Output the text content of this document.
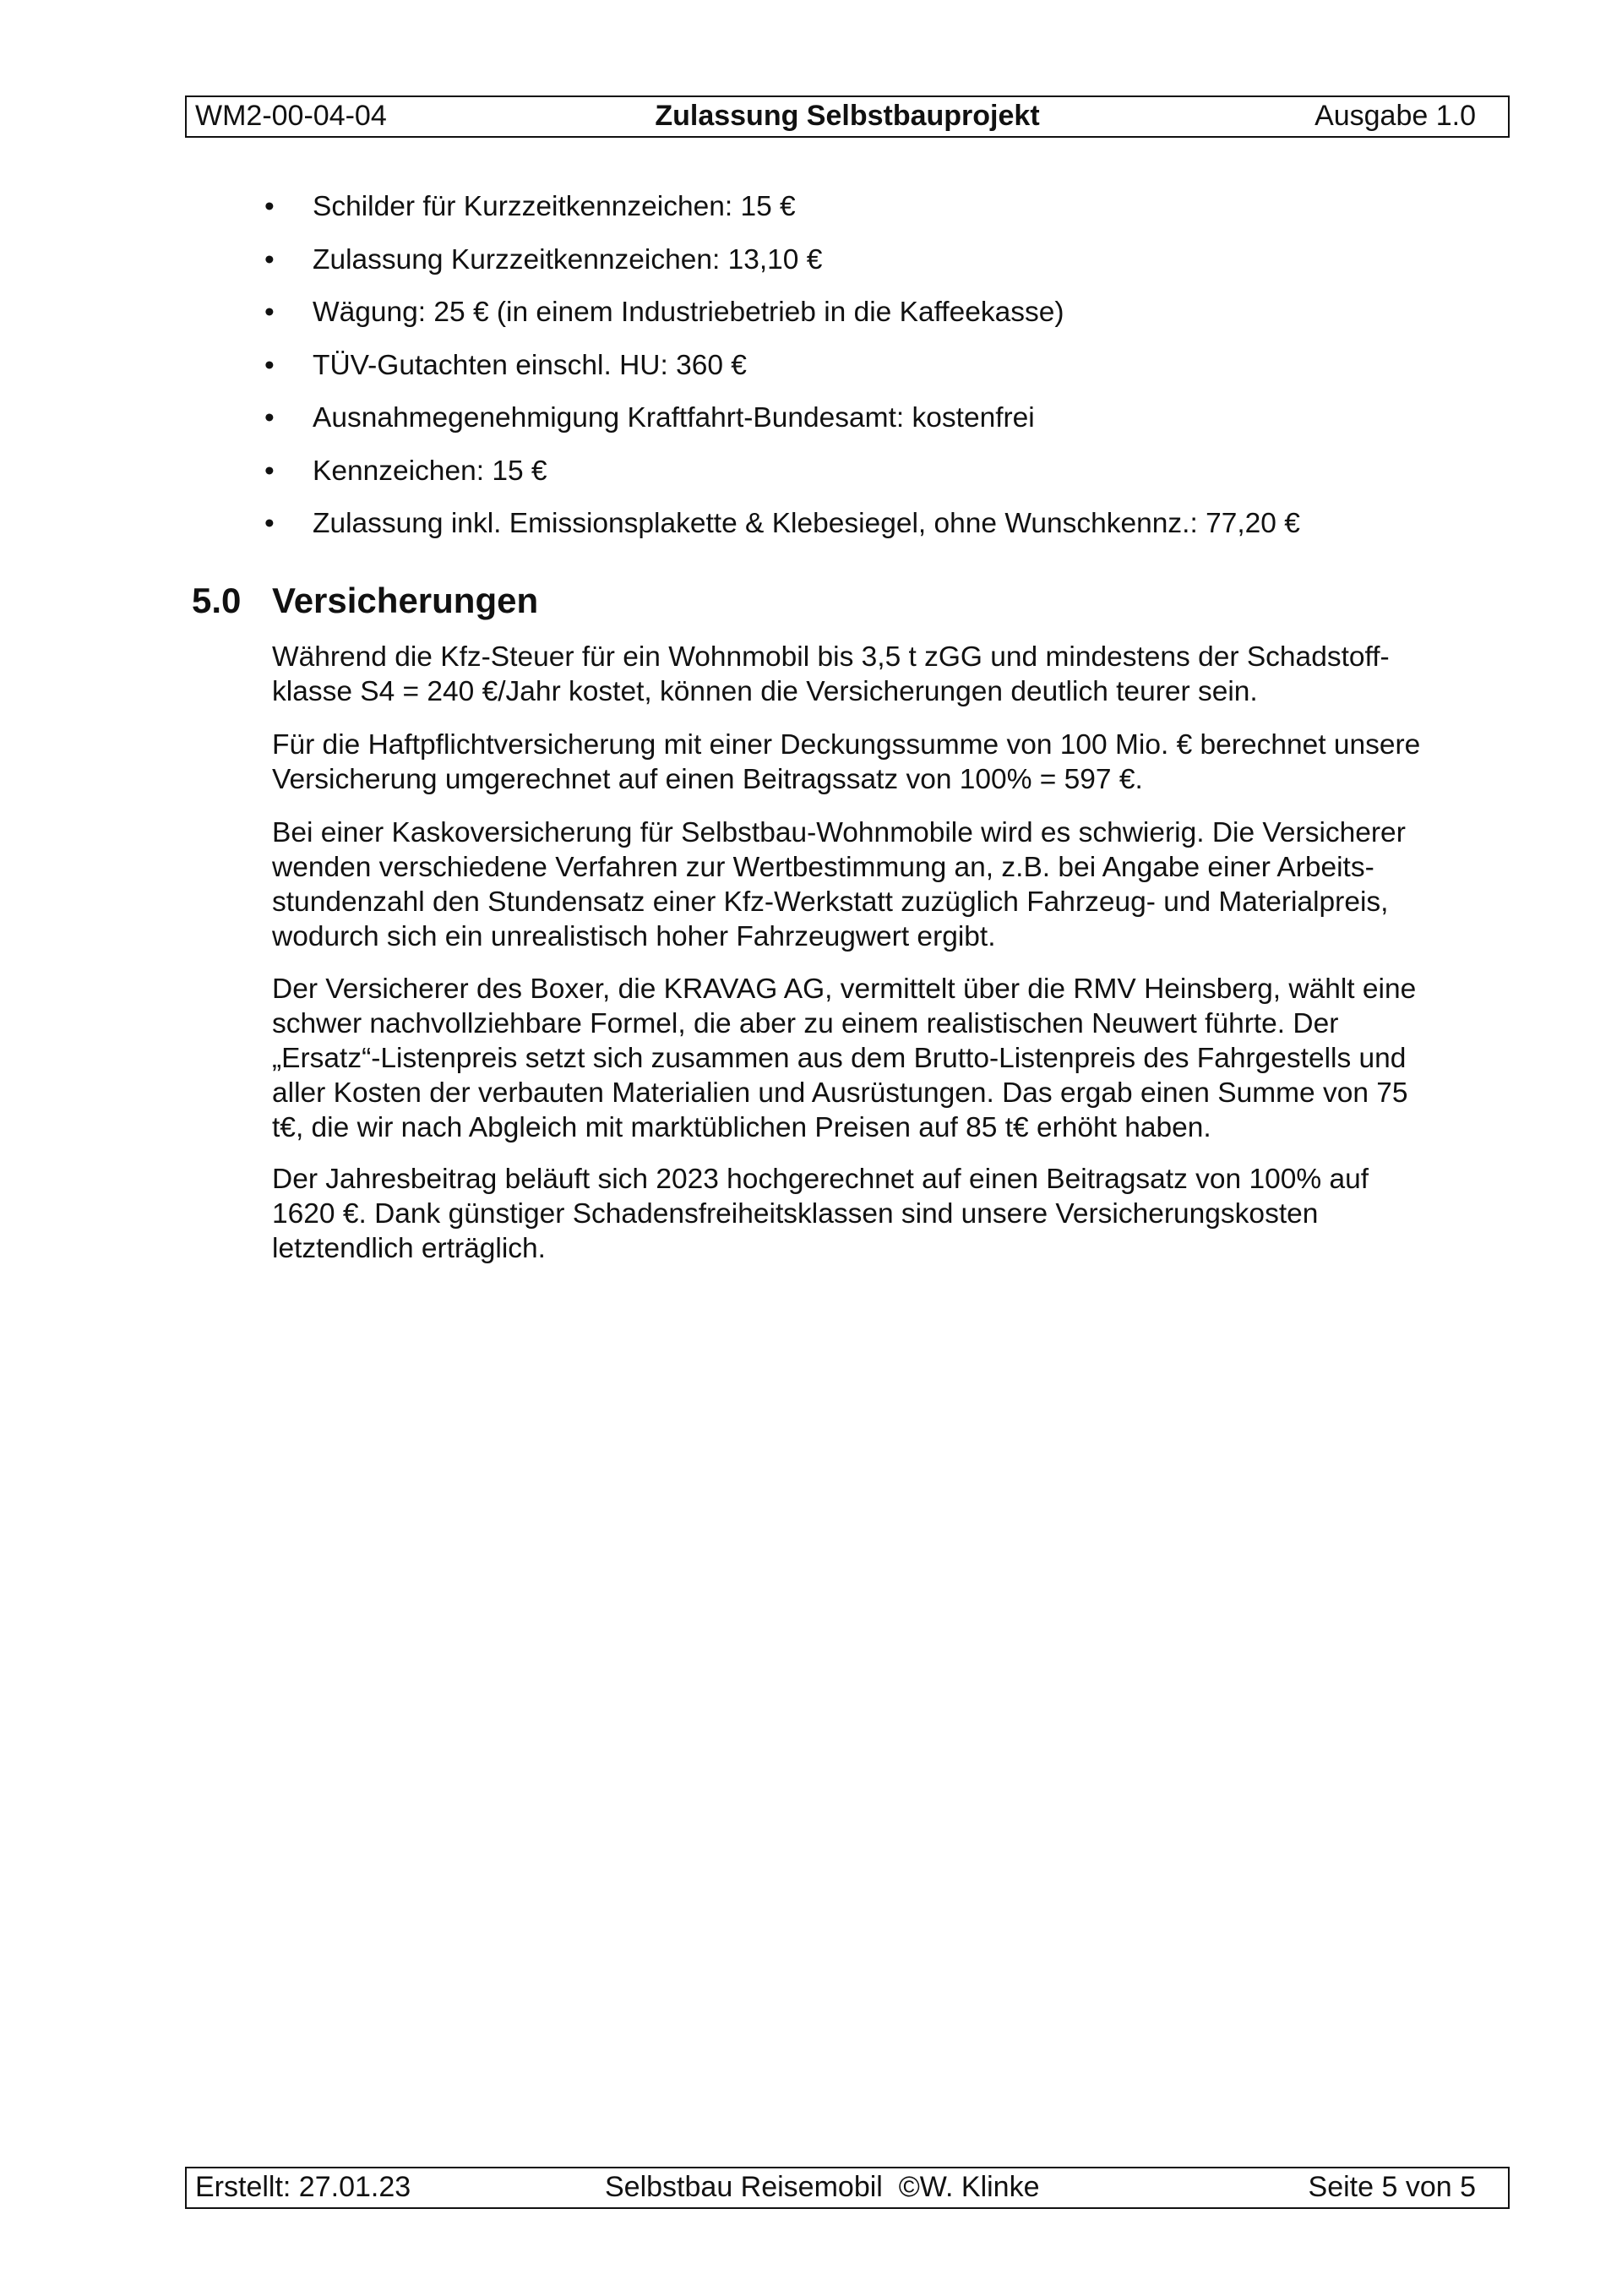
WM2-00-04-04	Zulassung Selbstbauprojekt	Ausgabe 1.0
• Schilder für Kurzzeitkennzeichen: 15 €
• Zulassung Kurzzeitkennzeichen: 13,10 €
• Wägung: 25 € (in einem Industriebetrieb in die Kaffeekasse)
• TÜV-Gutachten einschl. HU: 360 €
• Ausnahmegenehmigung Kraftfahrt-Bundesamt: kostenfrei
• Kennzeichen: 15 €
• Zulassung inkl. Emissionsplakette & Klebesiegel, ohne Wunschkennz.: 77,20 €
5.0 Versicherungen

Während die Kfz-Steuer für ein Wohnmobil bis 3,5 t zGG und mindestens der Schadstoff-
klasse S4 = 240 €/Jahr kostet, können die Versicherungen deutlich teurer sein.

Für die Haftpflichtversicherung mit einer Deckungssumme von 100 Mio. € berechnet unsere
Versicherung umgerechnet auf einen Beitragssatz von 100% = 597 €.

Bei einer Kaskoversicherung für Selbstbau-Wohnmobile wird es schwierig. Die Versicherer
wenden verschiedene Verfahren zur Wertbestimmung an, z.B. bei Angabe einer Arbeits-
stundenzahl den Stundensatz einer Kfz-Werkstatt zuzüglich Fahrzeug- und Materialpreis,
wodurch sich ein unrealistisch hoher Fahrzeugwert ergibt.

Der Versicherer des Boxer, die KRAVAG AG, vermittelt über die RMV Heinsberg, wählt eine
schwer nachvollziehbare Formel, die aber zu einem realistischen Neuwert führte. Der
„Ersatz“-Listenpreis setzt sich zusammen aus dem Brutto-Listenpreis des Fahrgestells und
aller Kosten der verbauten Materialien und Ausrüstungen. Das ergab einen Summe von 75
t€, die wir nach Abgleich mit marktüblichen Preisen auf 85 t€ erhöht haben.

Der Jahresbeitrag beläuft sich 2023 hochgerechnet auf einen Beitragsatz von 100% auf
1620 €. Dank günstiger Schadensfreiheitsklassen sind unsere Versicherungskosten
letztendlich erträglich.

Erstellt: 27.01.23	Selbstbau Reisemobil  ©W. Klinke	Seite 5 von 5
